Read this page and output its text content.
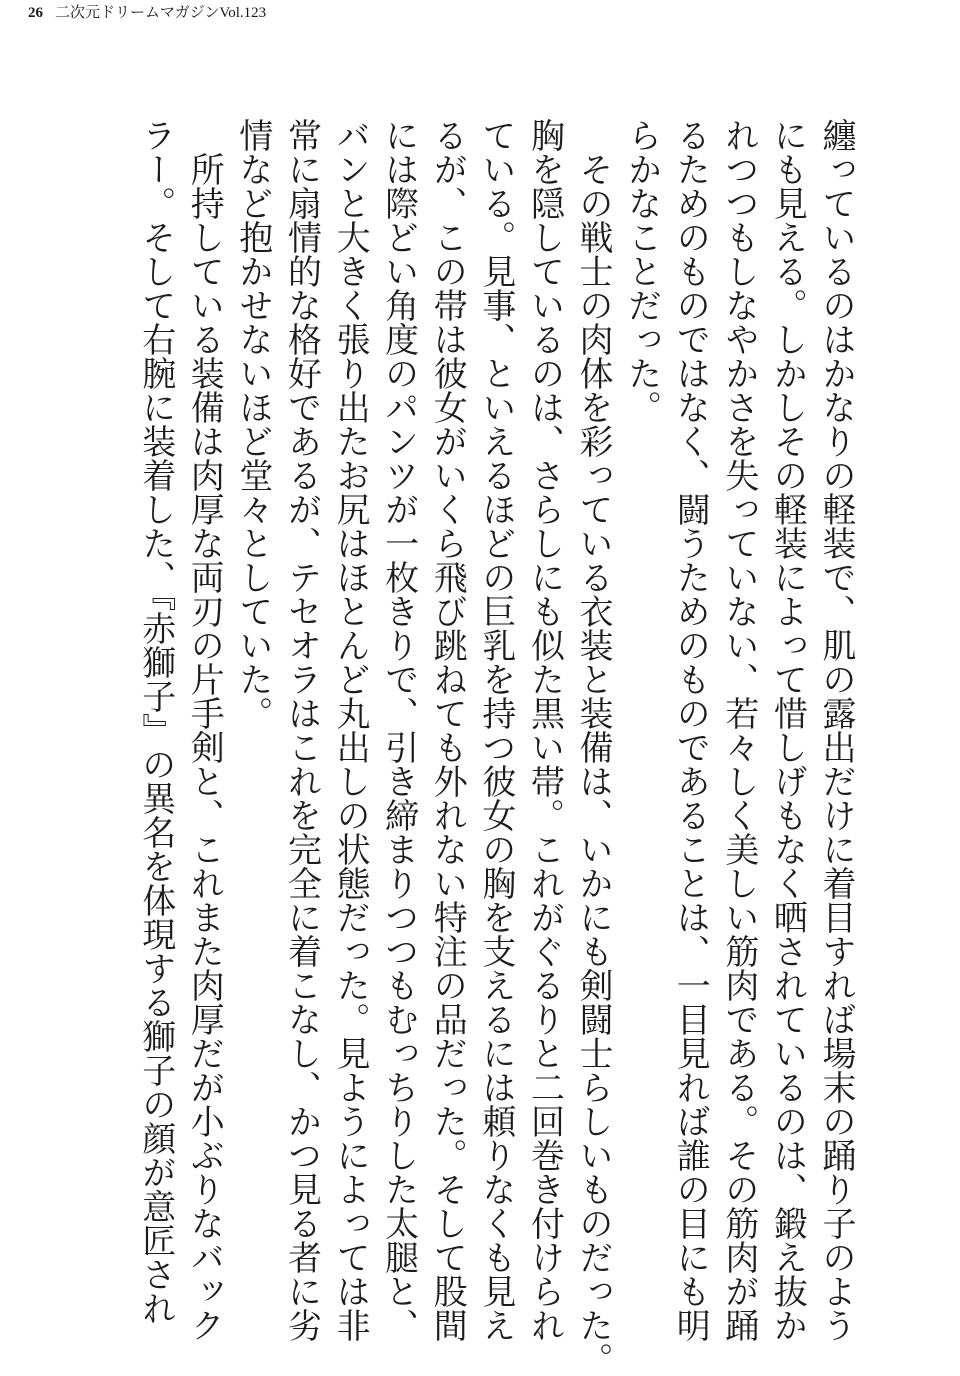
26 二次元ドリームマガジンVol.123
纏っているのはかなりの軽装で、肌の露出だけに着目すれば場末の踊り子のよう
にも見える。しかしその軽装によって惜しげもなく晒されているのは、鍛え抜か
れつつもしなやかさを失っていない、若々しく美しい筋肉である。その筋肉が踊
るためのものではなく、闘うためのものであることは、一目見れば誰の目にも明
らかなことだった。
　その戦士の肉体を彩っている衣装と装備は、いかにも剣闘士らしいものだった。
胸を隠しているのは、さらしにも似た黒い帯。これがぐるりと二回巻き付けられ
ている。見事、といえるほどの巨乳を持つ彼女の胸を支えるには頼りなくも見え
るが、この帯は彼女がいくら飛び跳ねても外れない特注の品だった。そして股間
には際どい角度のパンツが一枚きりで、引き締まりつつもむっちりした太腿と、
バンと大きく張り出たお尻はほとんど丸出しの状態だった。見ようによっては非
常に扇情的な格好であるが、テセオラはこれを完全に着こなし、かつ見る者に劣
情など抱かせないほど堂々としていた。
　所持している装備は肉厚な両刃の片手剣と、これまた肉厚だが小ぶりなバック
ラー。そして右腕に装着した、『赤獅子』の異名を体現する獅子の顔が意匠され
